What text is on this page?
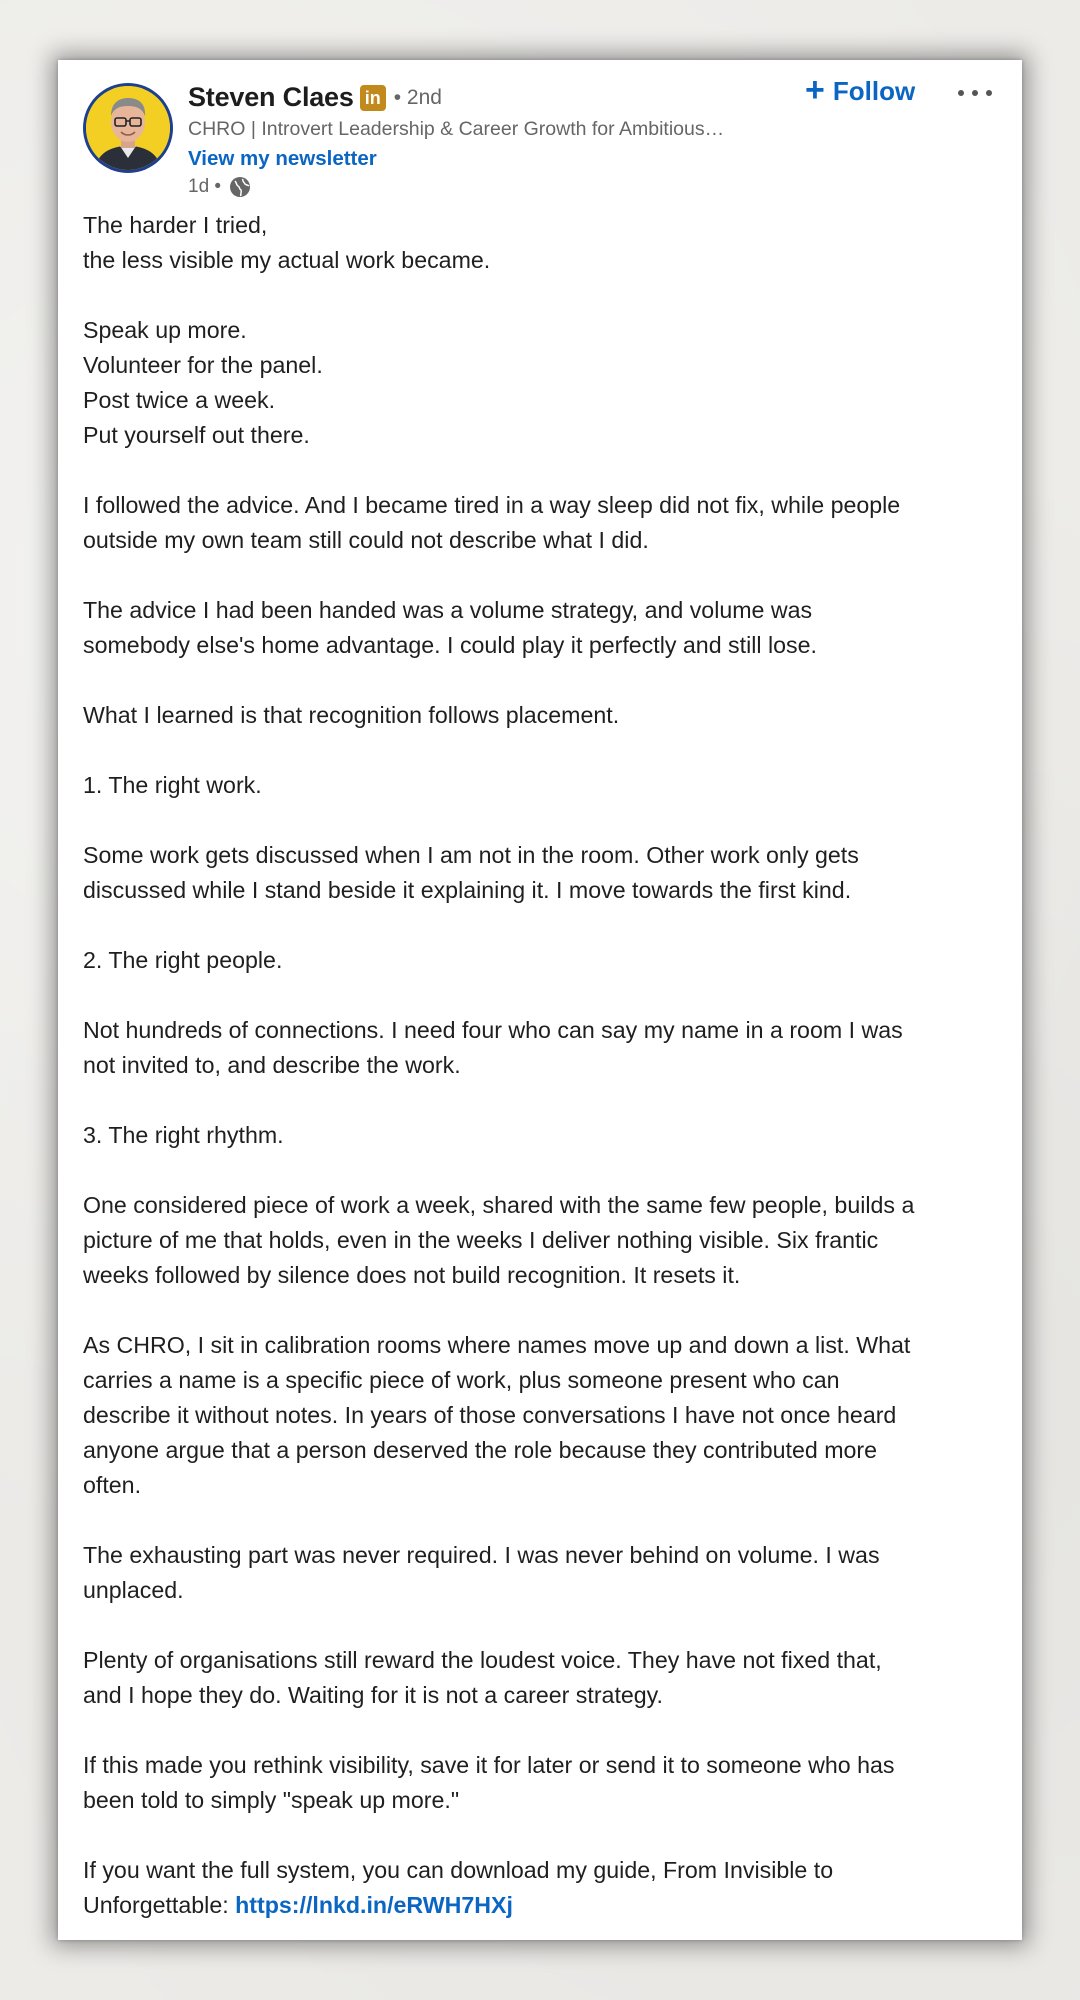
Steven Claes in • 2nd
CHRO | Introvert Leadership & Career Growth for Ambitious…
View my newsletter
1d •
+ Follow

The harder I tried,
the less visible my actual work became.

Speak up more.
Volunteer for the panel.
Post twice a week.
Put yourself out there.

I followed the advice. And I became tired in a way sleep did not fix, while people
outside my own team still could not describe what I did.

The advice I had been handed was a volume strategy, and volume was
somebody else's home advantage. I could play it perfectly and still lose.

What I learned is that recognition follows placement.

1. The right work.

Some work gets discussed when I am not in the room. Other work only gets
discussed while I stand beside it explaining it. I move towards the first kind.

2. The right people.

Not hundreds of connections. I need four who can say my name in a room I was
not invited to, and describe the work.

3. The right rhythm.

One considered piece of work a week, shared with the same few people, builds a
picture of me that holds, even in the weeks I deliver nothing visible. Six frantic
weeks followed by silence does not build recognition. It resets it.

As CHRO, I sit in calibration rooms where names move up and down a list. What
carries a name is a specific piece of work, plus someone present who can
describe it without notes. In years of those conversations I have not once heard
anyone argue that a person deserved the role because they contributed more
often.

The exhausting part was never required. I was never behind on volume. I was
unplaced.

Plenty of organisations still reward the loudest voice. They have not fixed that,
and I hope they do. Waiting for it is not a career strategy.

If this made you rethink visibility, save it for later or send it to someone who has
been told to simply "speak up more."

If you want the full system, you can download my guide, From Invisible to
Unforgettable: https://lnkd.in/eRWH7HXj
